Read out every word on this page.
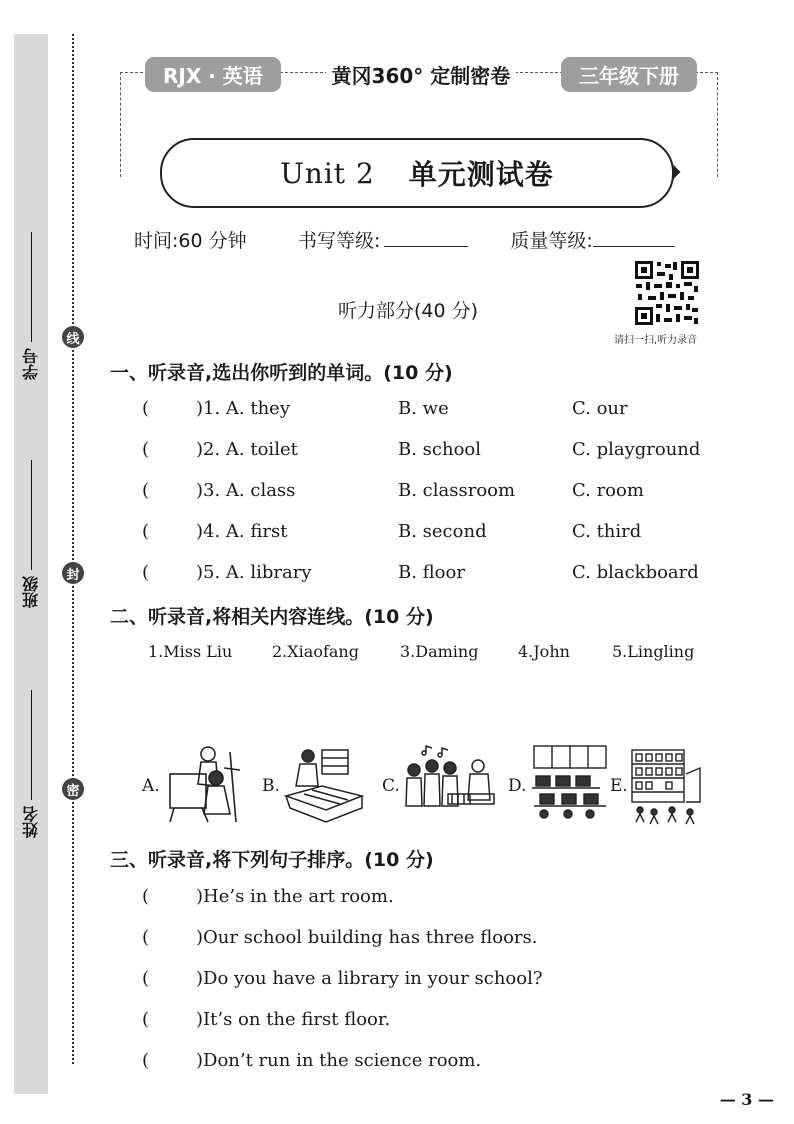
学号
班级
姓名
线
封
密
RJX · 英语	黄冈360° 定制密卷	三年级下册
Unit 2 单元测试卷
时间:60 分钟	书写等级:	质量等级:
请扫一扫,听力录音
听力部分(40 分)
一、听录音,选出你听到的单词。(10 分)
(	)1. A. they	B. we	C. our
(	)2. A. toilet	B. school	C. playground
(	)3. A. class	B. classroom	C. room
(	)4. A. first	B. second	C. third
(	)5. A. library	B. floor	C. blackboard
二、听录音,将相关内容连线。(10 分)
1.Miss Liu 2.Xiaofang	3.Daming 4.John	5.Lingling
A.	B.	C.	D.	E.
三、听录音,将下列句子排序。(10 分)
(	)He’s in the art room.
(	)Our school building has three floors.
(	)Do you have a library in your school?
(	)It’s on the first floor.
(	)Don’t run in the science room.
— 3 —
